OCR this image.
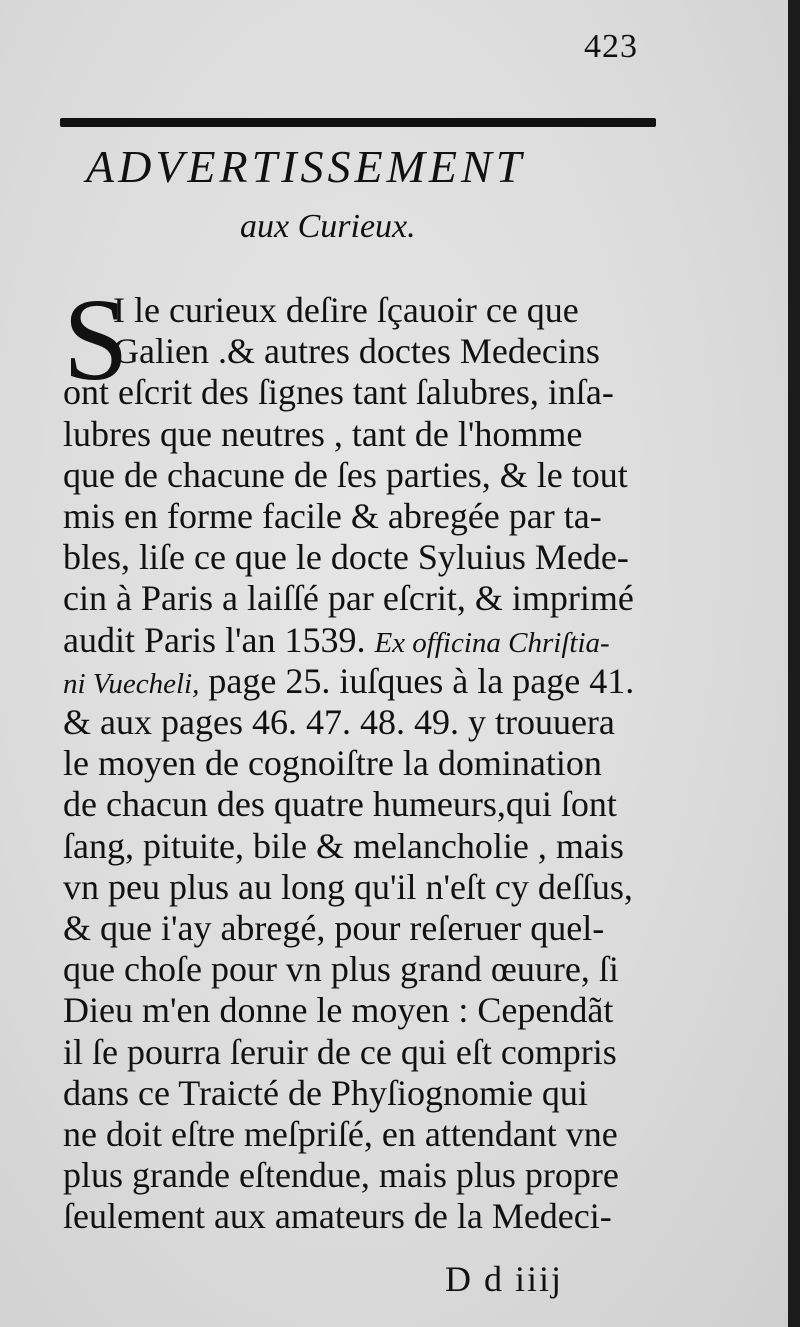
423
ADVERTISSEMENT
aux Curieux.
S
I le curieux deſire ſçauoir ce que
Galien .& autres doctes Medecins
ont eſcrit des ſignes tant ſalubres, inſa-
lubres que neutres , tant de l'homme
que de chacune de ſes parties, & le tout
mis en forme facile & abregée par ta-
bles, liſe ce que le docte Syluius Mede-
cin à Paris a laiſſé par eſcrit, & imprimé
audit Paris l'an 1539. Ex officina Chriſtia-
ni Vuecheli, page 25. iuſques à la page 41.
& aux pages 46. 47. 48. 49. y trouuera
le moyen de cognoiſtre la domination
de chacun des quatre humeurs,qui ſont
ſang, pituite, bile & melancholie , mais
vn peu plus au long qu'il n'eſt cy deſſus,
& que i'ay abregé, pour reſeruer quel-
que choſe pour vn plus grand œuure, ſi
Dieu m'en donne le moyen : Cependãt
il ſe pourra ſeruir de ce qui eſt compris
dans ce Traicté de Phyſiognomie qui
ne doit eſtre meſpriſé, en attendant vne
plus grande eſtendue, mais plus propre
ſeulement aux amateurs de la Medeci-
D d iiij
